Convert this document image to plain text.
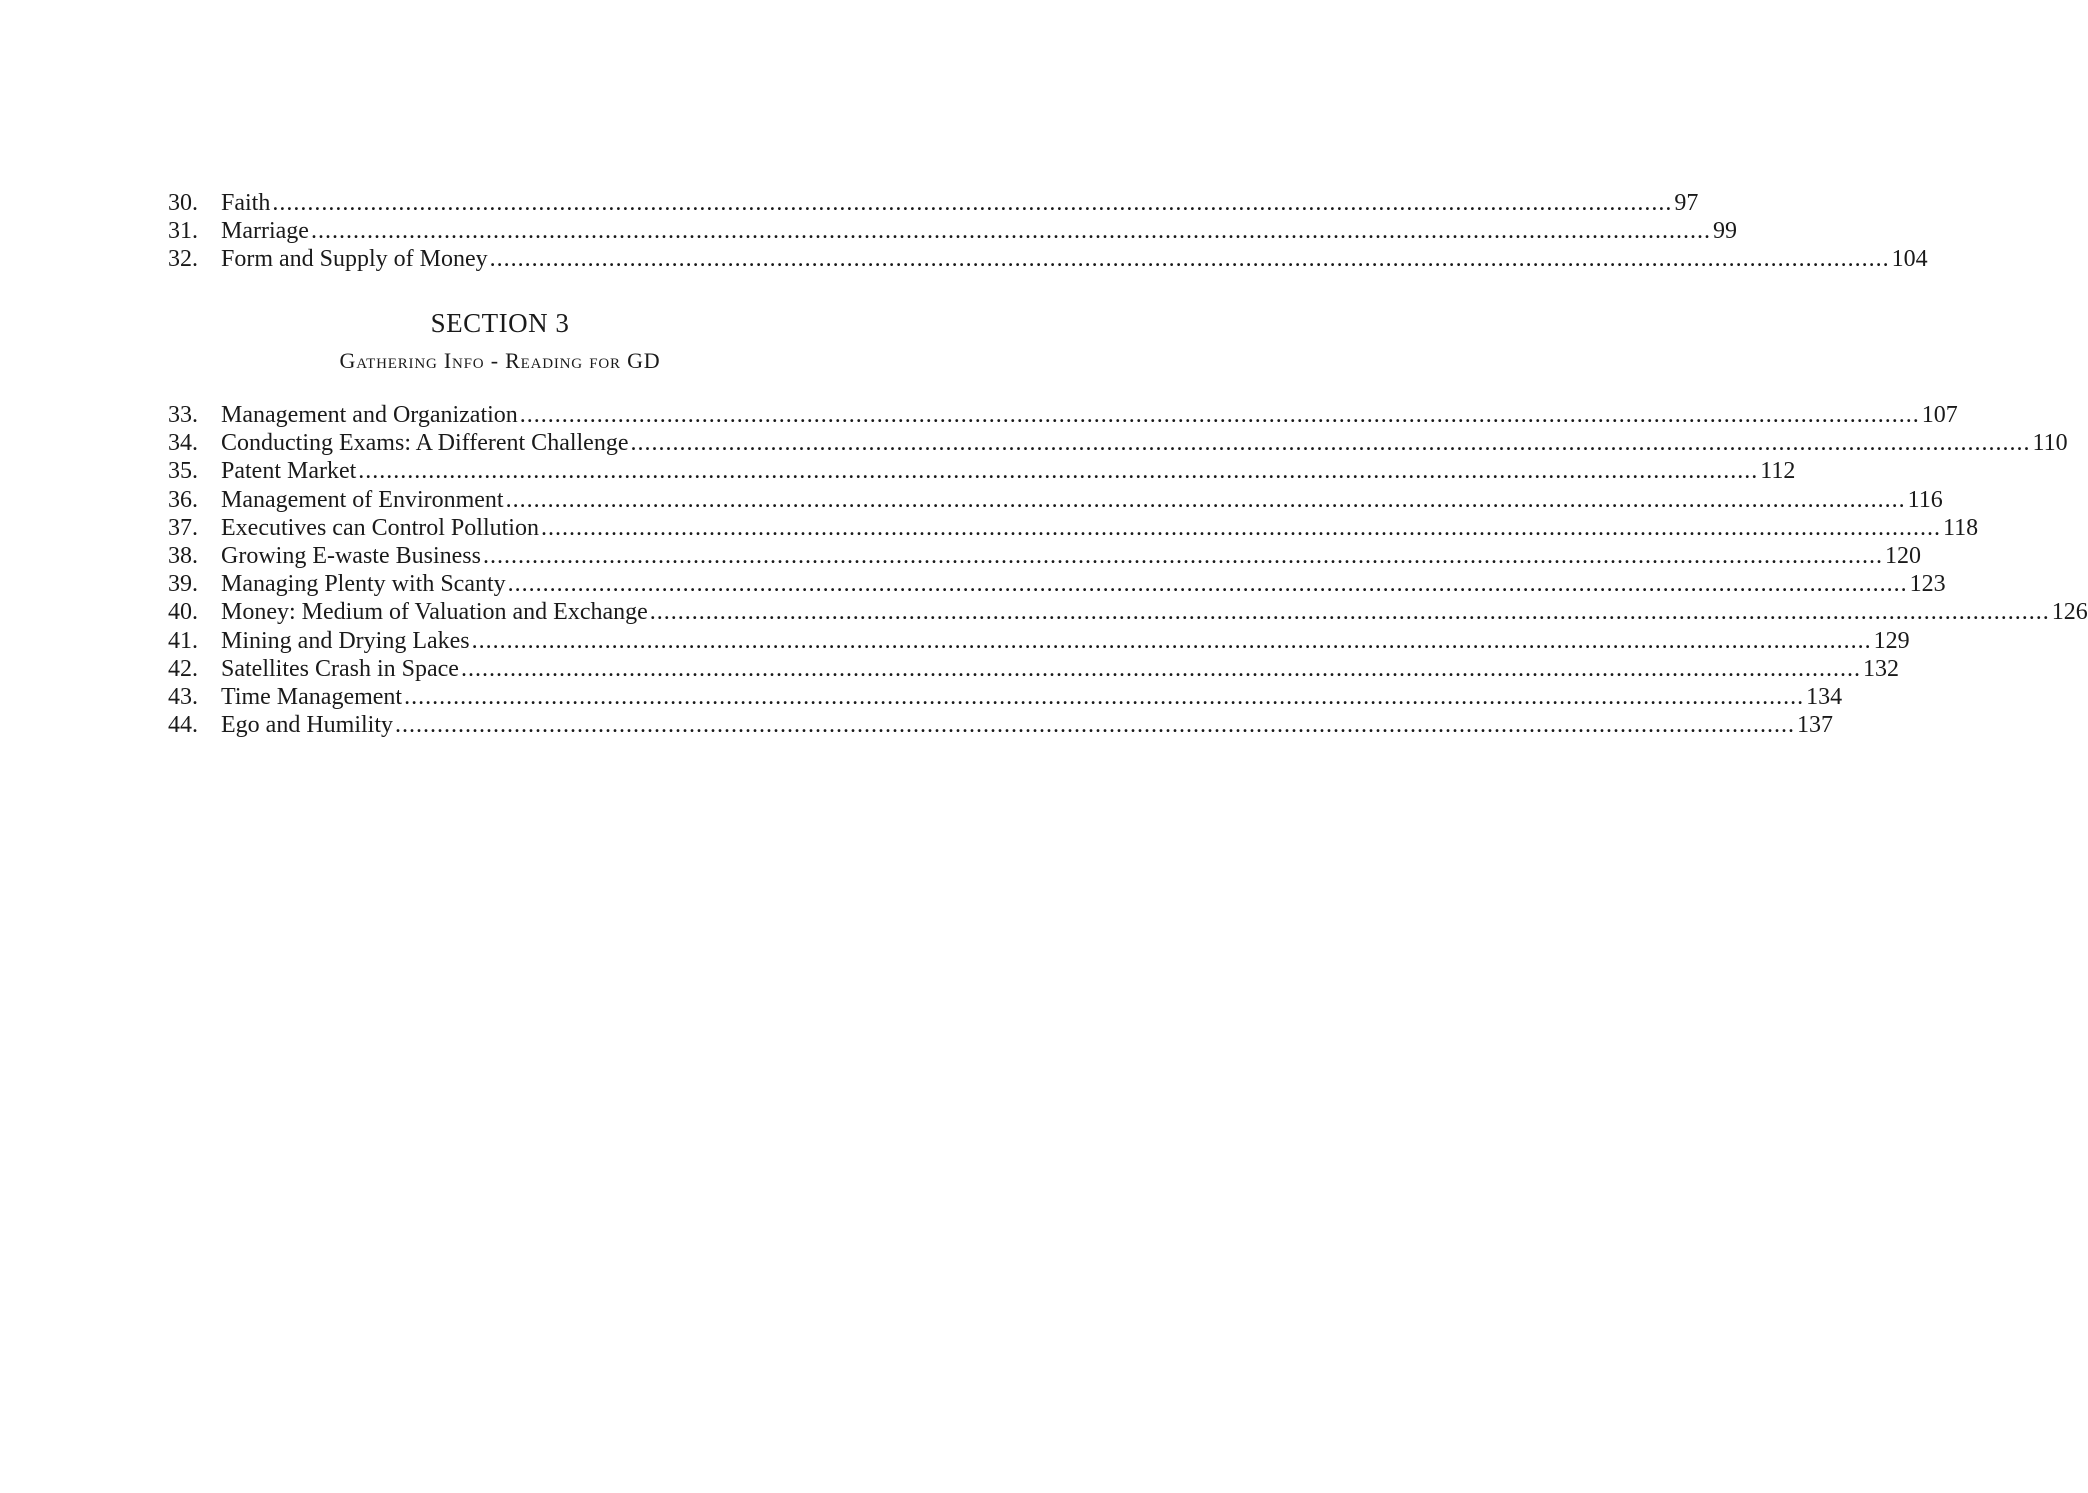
30. Faith ........................................................................................................................................................................................................ 97
31. Marriage ........................................................................................................................................................................................................ 99
32. Form and Supply of Money ........................................................................................................................................................................................................ 104
SECTION 3
Gathering Info - Reading for GD
33. Management and Organization ........................................................................................................................................................................................................ 107
34. Conducting Exams: A Different Challenge ........................................................................................................................................................................................................ 110
35. Patent Market ........................................................................................................................................................................................................ 112
36. Management of Environment ........................................................................................................................................................................................................ 116
37. Executives can Control Pollution ........................................................................................................................................................................................................ 118
38. Growing E-waste Business ........................................................................................................................................................................................................ 120
39. Managing Plenty with Scanty ........................................................................................................................................................................................................ 123
40. Money: Medium of Valuation and Exchange ........................................................................................................................................................................................................ 126
41. Mining and Drying Lakes ........................................................................................................................................................................................................ 129
42. Satellites Crash in Space ........................................................................................................................................................................................................ 132
43. Time Management ........................................................................................................................................................................................................ 134
44. Ego and Humility ........................................................................................................................................................................................................ 137
